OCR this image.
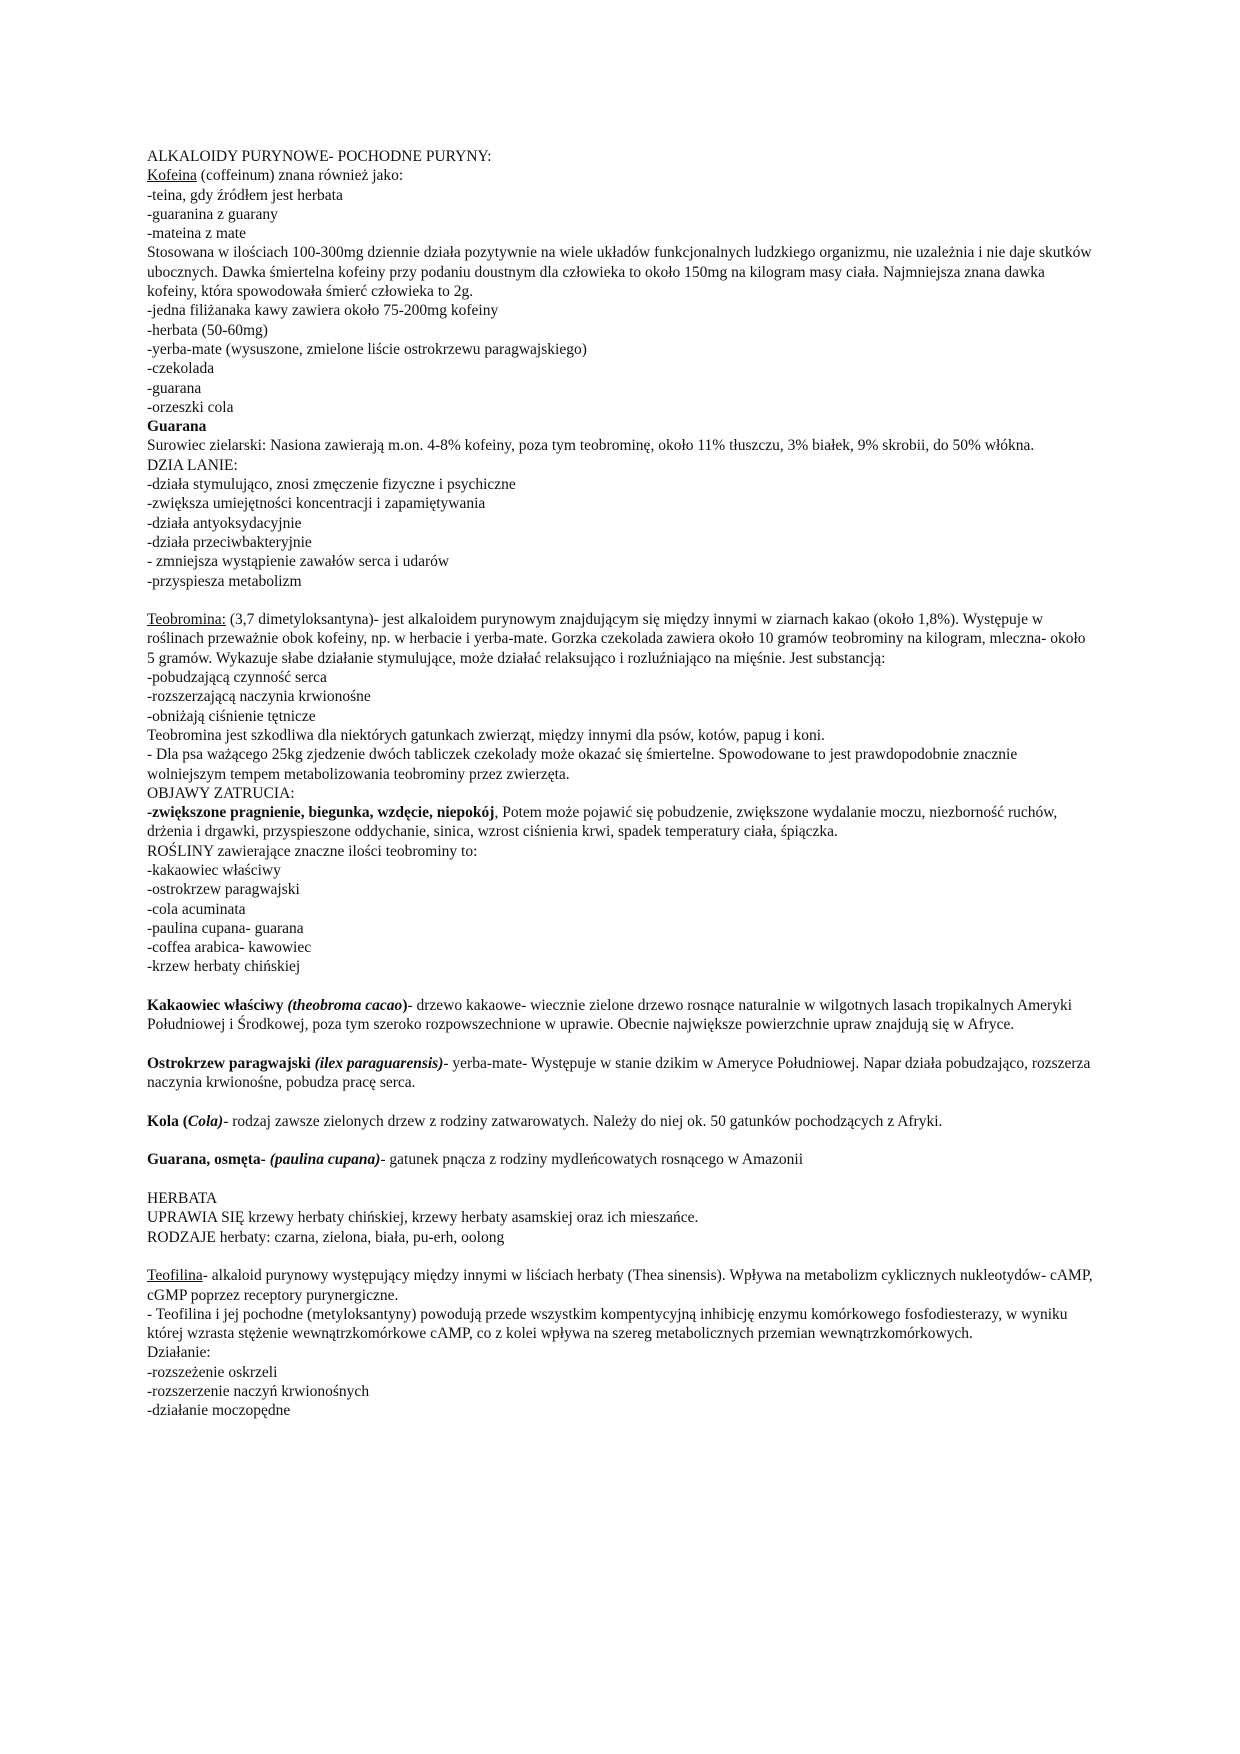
ALKALOIDY PURYNOWE- POCHODNE PURYNY:

Kofeina (coffeinum) znana również jako:

-teina, gdy źródłem jest herbata

-guaranina z guarany

-mateina z mate

Stosowana w ilościach 100-300mg dziennie działa pozytywnie na wiele układów funkcjonalnych ludzkiego organizmu, nie uzależnia i nie daje skutków ubocznych. Dawka śmiertelna kofeiny przy podaniu doustnym dla człowieka to około 150mg na kilogram masy ciała. Najmniejsza znana dawka kofeiny, która spowodowała śmierć człowieka to 2g.

-jedna filiżanaka kawy zawiera około 75-200mg kofeiny

-herbata (50-60mg)

-yerba-mate (wysuszone, zmielone liście ostrokrzewu paragwajskiego)

-czekolada

-guarana

-orzeszki cola

Guarana

Surowiec zielarski: Nasiona zawierają m.on. 4-8% kofeiny, poza tym teobrominę, około 11% tłuszczu, 3% białek, 9% skrobii, do 50% włókna.

DZIA LANIE:

-działa stymulująco, znosi zmęczenie fizyczne i psychiczne

-zwiększa umiejętności koncentracji i zapamiętywania

-działa antyoksydacyjnie

-działa przeciwbakteryjnie

- zmniejsza wystąpienie zawałów serca i udarów

-przyspiesza metabolizm

Teobromina: (3,7 dimetyloksantyna)- jest alkaloidem purynowym znajdującym się między innymi w ziarnach kakao (około 1,8%). Występuje w roślinach przeważnie obok kofeiny, np. w herbacie i yerba-mate. Gorzka czekolada zawiera około 10 gramów teobrominy na kilogram, mleczna- około 5 gramów. Wykazuje słabe działanie stymulujące, może działać relaksująco i rozluźniająco na mięśnie. Jest substancją:

-pobudzającą czynność serca

-rozszerzającą naczynia krwionośne

-obniżają ciśnienie tętnicze

Teobromina jest szkodliwa dla niektórych gatunkach zwierząt, między innymi dla psów, kotów, papug i koni.

- Dla psa ważącego 25kg zjedzenie dwóch tabliczek czekolady może okazać się śmiertelne. Spowodowane to jest prawdopodobnie znacznie wolniejszym tempem metabolizowania teobrominy przez zwierzęta.

OBJAWY ZATRUCIA:

-zwiększone pragnienie, biegunka, wzdęcie, niepokój, Potem może pojawić się pobudzenie, zwiększone wydalanie moczu, niezborność ruchów, drżenia i drgawki, przyspieszone oddychanie, sinica, wzrost ciśnienia krwi, spadek temperatury ciała, śpiączka.

ROŚLINY zawierające znaczne ilości teobrominy to:

-kakaowiec właściwy

-ostrokrzew paragwajski

-cola acuminata

-paulina cupana- guarana

-coffea arabica- kawowiec

-krzew herbaty chińskiej

Kakaowiec właściwy (theobroma cacao)- drzewo kakaowe- wiecznie zielone drzewo rosnące naturalnie w wilgotnych lasach tropikalnych Ameryki Południowej i Środkowej, poza tym szeroko rozpowszechnione w uprawie. Obecnie największe powierzchnie upraw znajdują się w Afryce.

Ostrokrzew paragwajski (ilex paraguarensis)- yerba-mate- Występuje w stanie dzikim w Ameryce Południowej. Napar działa pobudzająco, rozszerza naczynia krwionośne, pobudza pracę serca.

Kola (Cola)- rodzaj zawsze zielonych drzew z rodziny zatwarowatych. Należy do niej ok. 50 gatunków pochodzących z Afryki.

Guarana, osmęta- (paulina cupana)- gatunek pnącza z rodziny mydleńcowatych rosnącego w Amazonii

HERBATA

UPRAWIA SIĘ krzewy herbaty chińskiej, krzewy herbaty asamskiej oraz ich mieszańce.

RODZAJE herbaty: czarna, zielona, biała, pu-erh, oolong

Teofilina- alkaloid purynowy występujący między innymi w liściach herbaty (Thea sinensis). Wpływa na metabolizm cyklicznych nukleotydów- cAMP, cGMP poprzez receptory purynergiczne.

- Teofilina i jej pochodne (metyloksantyny) powodują przede wszystkim kompentycyjną inhibicję enzymu komórkowego fosfodiesterazy, w wyniku której wzrasta stężenie wewnątrzkomórkowe cAMP, co z kolei wpływa na szereg metabolicznych przemian wewnątrzkomórkowych.

Działanie:

-rozszeżenie oskrzeli

-rozszerzenie naczyń krwionośnych

-działanie moczopędne
